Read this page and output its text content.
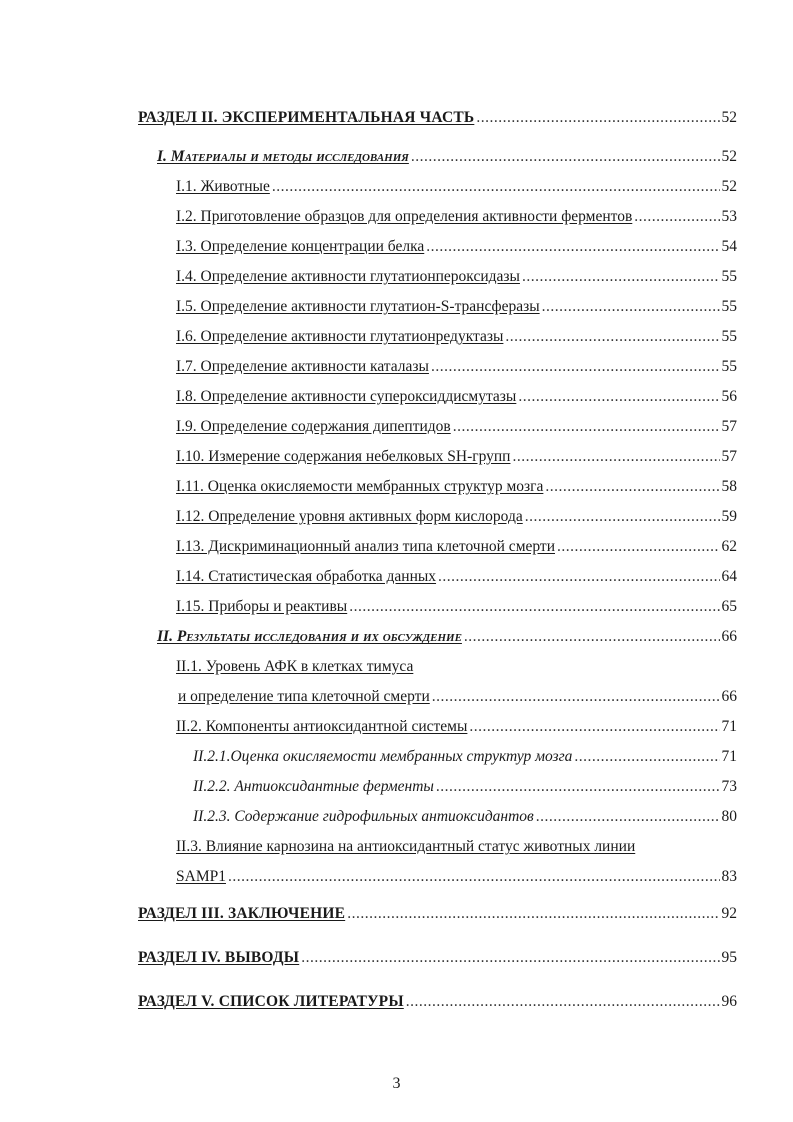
РАЗДЕЛ II. ЭКСПЕРИМЕНТАЛЬНАЯ ЧАСТЬ .....	52
I. Материалы и методы исследования .....	52
I.1. Животные .....	52
I.2. Приготовление образцов для определения активности ферментов .....	53
I.3. Определение концентрации белка .....	54
I.4. Определение активности глутатионпероксидазы .....	55
I.5. Определение активности глутатион-S-трансферазы .....	55
I.6. Определение активности глутатионредуктазы .....	55
I.7. Определение активности каталазы .....	55
I.8. Определение активности супероксиддисмутазы .....	56
I.9. Определение содержания дипептидов .....	57
I.10. Измерение содержания небелковых SH-групп .....	57
I.11. Оценка окисляемости мембранных структур мозга .....	58
I.12. Определение уровня активных форм кислорода .....	59
I.13. Дискриминационный анализ типа клеточной смерти .....	62
I.14. Статистическая обработка данных .....	64
I.15. Приборы и реактивы .....	65
II. Результаты исследования и их обсуждение .....	66
II.1. Уровень АФК в клетках тимуса
и определение типа клеточной смерти .....	66
II.2. Компоненты антиоксидантной системы .....	71
II.2.1.Оценка окисляемости мембранных структур мозга .....	71
II.2.2. Антиоксидантные ферменты .....	73
II.2.3. Содержание гидрофильных антиоксидантов .....	80
II.3. Влияние карнозина на антиоксидантный статус животных линии
SAMP1 .....	83
РАЗДЕЛ III. ЗАКЛЮЧЕНИЕ .....	92
РАЗДЕЛ IV. ВЫВОДЫ .....	95
РАЗДЕЛ V. СПИСОК ЛИТЕРАТУРЫ .....	96
3
